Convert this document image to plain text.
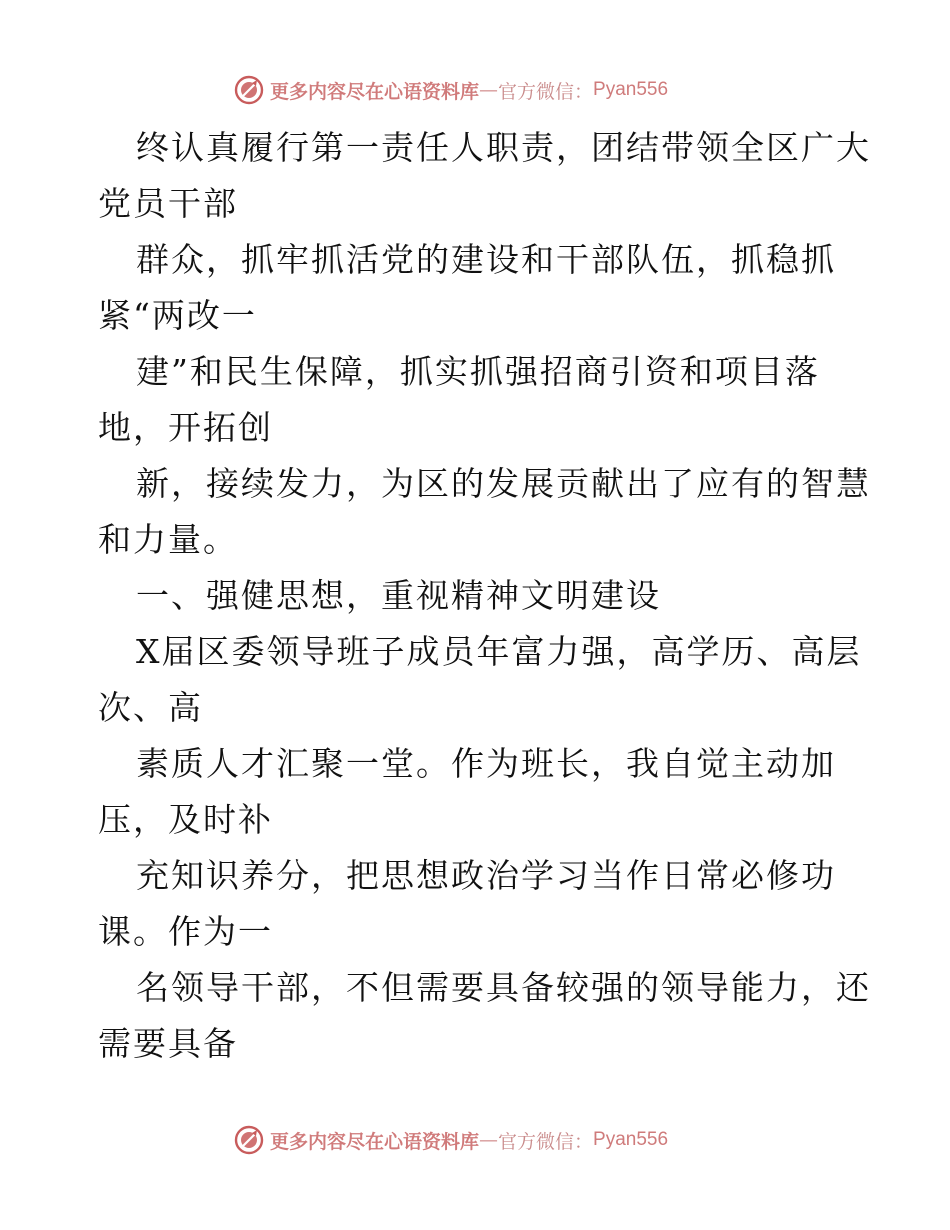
更多内容尽在心语资料库 — 官方微信： Pyan556
终认真履行第一责任人职责，团结带领全区广大
党员干部
群众，抓牢抓活党的建设和干部队伍，抓稳抓
紧“两改一
建”和民生保障，抓实抓强招商引资和项目落
地，开拓创
新，接续发力，为区的发展贡献出了应有的智慧
和力量。
一、强健思想，重视精神文明建设
X届区委领导班子成员年富力强，高学历、高层
次、高
素质人才汇聚一堂。作为班长，我自觉主动加
压，及时补
充知识养分，把思想政治学习当作日常必修功
课。作为一
名领导干部，不但需要具备较强的领导能力，还
需要具备
更多内容尽在心语资料库 — 官方微信： Pyan556
